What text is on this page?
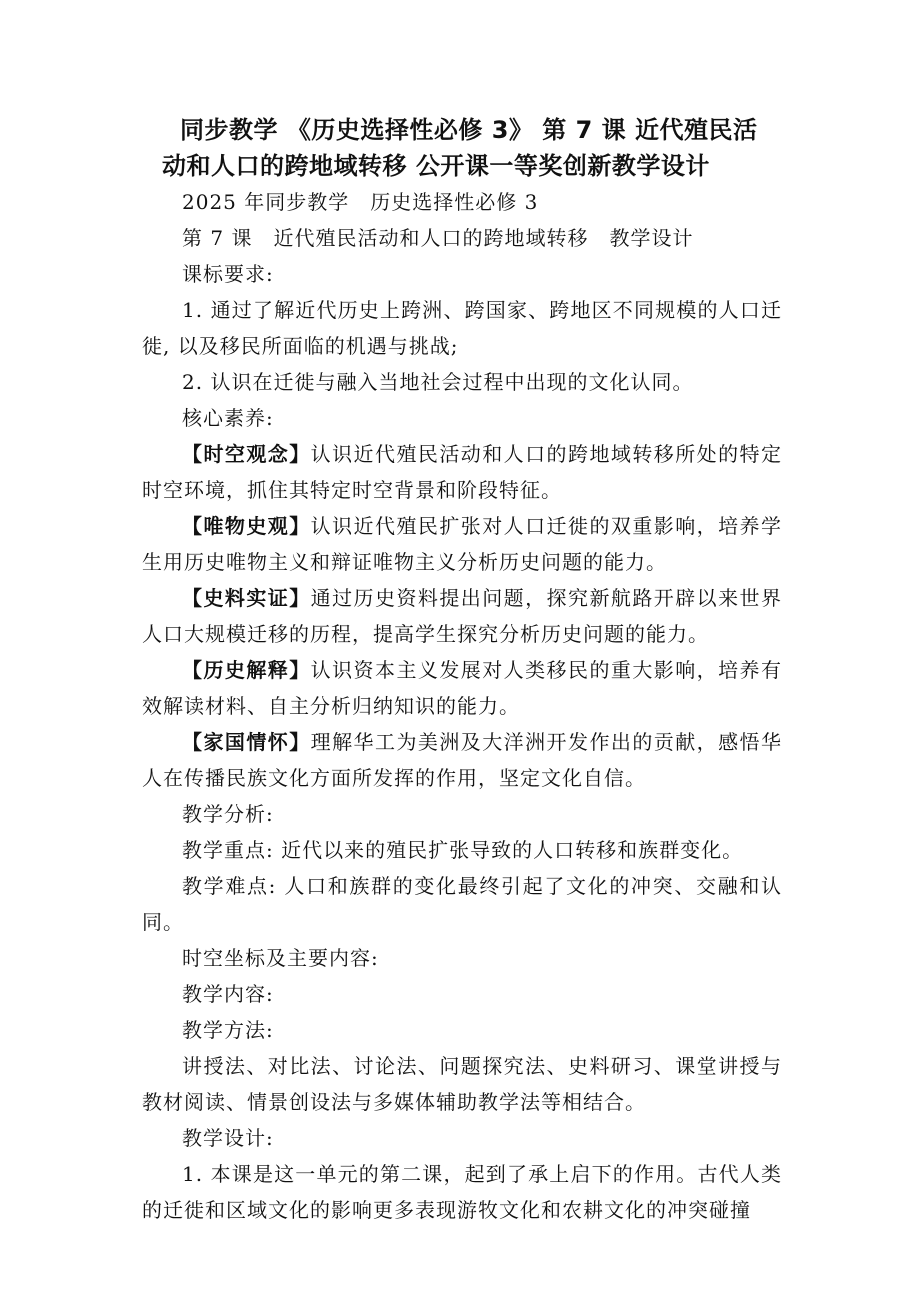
同步教学 《历史选择性必修 3》 第 7 课 近代殖民活
动和人口的跨地域转移 公开课一等奖创新教学设计

2025 年同步教学　历史选择性必修 3

第 7 课　近代殖民活动和人口的跨地域转移　教学设计

课标要求:

1. 通过了解近代历史上跨洲、跨国家、跨地区不同规模的人口迁徙, 以及移民所面临的机遇与挑战;

2. 认识在迁徙与融入当地社会过程中出现的文化认同。

核心素养:

【时空观念】认识近代殖民活动和人口的跨地域转移所处的特定时空环境，抓住其特定时空背景和阶段特征。

【唯物史观】认识近代殖民扩张对人口迁徙的双重影响，培养学生用历史唯物主义和辩证唯物主义分析历史问题的能力。

【史料实证】通过历史资料提出问题，探究新航路开辟以来世界人口大规模迁移的历程，提高学生探究分析历史问题的能力。

【历史解释】认识资本主义发展对人类移民的重大影响，培养有效解读材料、自主分析归纳知识的能力。

【家国情怀】理解华工为美洲及大洋洲开发作出的贡献，感悟华人在传播民族文化方面所发挥的作用，坚定文化自信。

教学分析:

教学重点: 近代以来的殖民扩张导致的人口转移和族群变化。

教学难点: 人口和族群的变化最终引起了文化的冲突、交融和认同。

时空坐标及主要内容:

教学内容:

教学方法:

讲授法、对比法、讨论法、问题探究法、史料研习、课堂讲授与教材阅读、情景创设法与多媒体辅助教学法等相结合。

教学设计:

1. 本课是这一单元的第二课，起到了承上启下的作用。古代人类的迁徙和区域文化的影响更多表现游牧文化和农耕文化的冲突碰撞
